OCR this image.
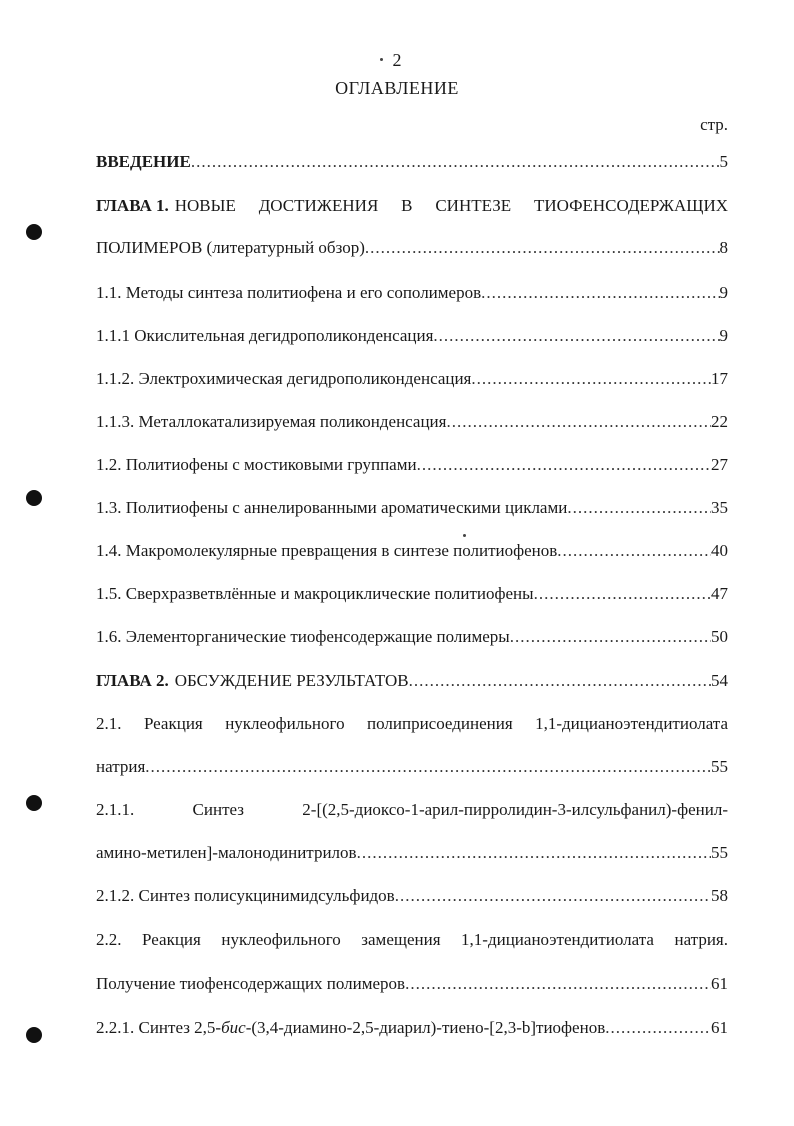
2
ОГЛАВЛЕНИЕ
стр.
ВВЕДЕНИЕ .....	5
ГЛАВА 1. НОВЫЕ ДОСТИЖЕНИЯ В СИНТЕЗЕ ТИОФЕНСОДЕРЖАЩИХ
ПОЛИМЕРОВ (литературный обзор) .....	8
1.1. Методы синтеза политиофена и его сополимеров .....	9
1.1.1 Окислительная дегидрополиконденсация .....	9
1.1.2. Электрохимическая дегидрополиконденсация .....	17
1.1.3. Металлокатализируемая поликонденсация .....	22
1.2. Политиофены с мостиковыми группами .....	27
1.3. Политиофены с аннелированными ароматическими циклами .....	35
1.4. Макромолекулярные превращения в синтезе политиофенов .....	40
1.5. Сверхразветвлённые и макроциклические политиофены .....	47
1.6. Элементорганические тиофенсодержащие полимеры .....	50
ГЛАВА 2. ОБСУЖДЕНИЕ РЕЗУЛЬТАТОВ .....	54
2.1. Реакция нуклеофильного полиприсоединения 1,1-дицианоэтендитиолата
натрия .....	55
2.1.1.	Синтез	2-[(2,5-диоксо-1-арил-пирролидин-3-илсульфанил)-фенил-
амино-метилен]-малонодинитрилов .....	55
2.1.2. Синтез полисукцинимидсульфидов .....	58
2.2. Реакция нуклеофильного замещения 1,1-дицианоэтендитиолата натрия.
Получение тиофенсодержащих полимеров .....	61
2.2.1. Синтез 2,5- бис -(3,4-диамино-2,5-диарил)-тиено-[2,3-b]тиофенов .....	61
